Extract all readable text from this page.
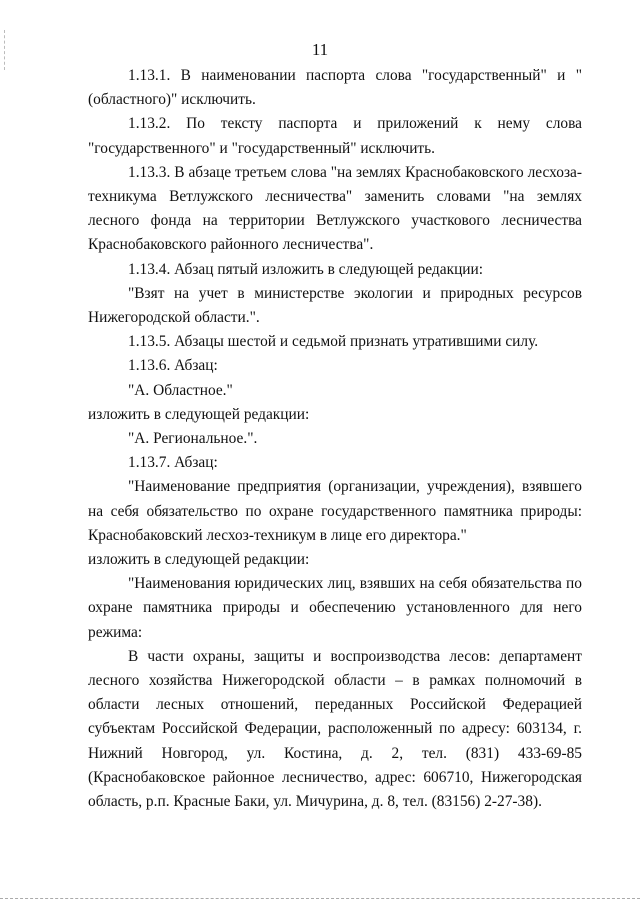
11

1.13.1. В наименовании паспорта слова "государственный" и "(областного)" исключить.

1.13.2. По тексту паспорта и приложений к нему слова "государственного" и "государственный" исключить.

1.13.3. В абзаце третьем слова "на землях Краснобаковского лесхоза-техникума Ветлужского лесничества" заменить словами "на землях лесного фонда на территории Ветлужского участкового лесничества Краснобаковского районного лесничества".

1.13.4. Абзац пятый изложить в следующей редакции:

"Взят на учет в министерстве экологии и природных ресурсов Нижегородской области.".

1.13.5. Абзацы шестой и седьмой признать утратившими силу.

1.13.6. Абзац:

"А. Областное."

изложить в следующей редакции:

"А. Региональное.".

1.13.7. Абзац:

"Наименование предприятия (организации, учреждения), взявшего на себя обязательство по охране государственного памятника природы: Краснобаковский лесхоз-техникум в лице его директора."

изложить в следующей редакции:

"Наименования юридических лиц, взявших на себя обязательства по охране памятника природы и обеспечению установленного для него режима:

В части охраны, защиты и воспроизводства лесов: департамент лесного хозяйства Нижегородской области – в рамках полномочий в области лесных отношений, переданных Российской Федерацией субъектам Российской Федерации, расположенный по адресу: 603134, г. Нижний Новгород, ул. Костина, д. 2, тел. (831) 433-69-85 (Краснобаковское районное лесничество, адрес: 606710, Нижегородская область, р.п. Красные Баки, ул. Мичурина, д. 8, тел. (83156) 2-27-38).
